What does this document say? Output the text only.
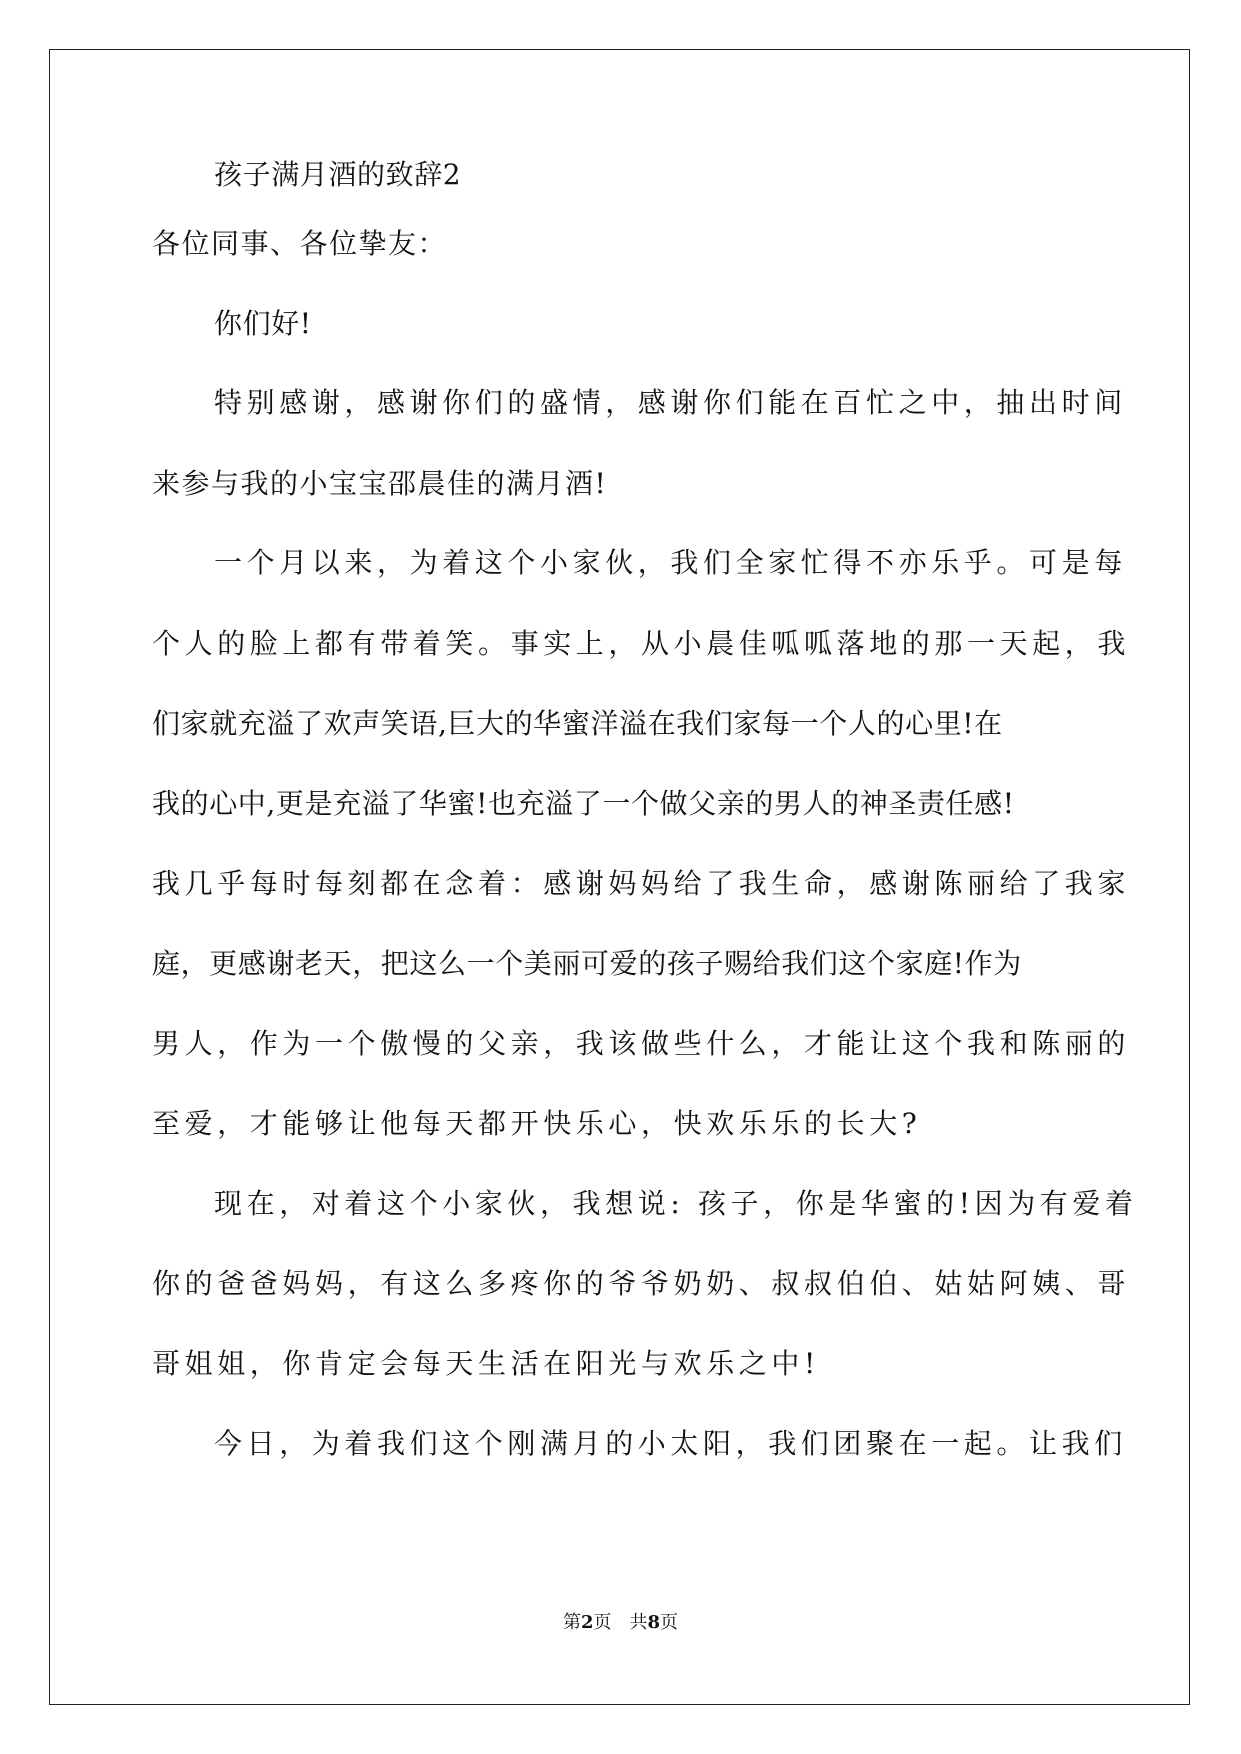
孩子满月酒的致辞2
各位同事、各位挚友：
你们好!
特别感谢，感谢你们的盛情，感谢你们能在百忙之中，抽出时间
来参与我的小宝宝邵晨佳的满月酒!
一个月以来，为着这个小家伙，我们全家忙得不亦乐乎。可是每
个人的脸上都有带着笑。事实上，从小晨佳呱呱落地的那一天起，我
们家就充溢了欢声笑语,巨大的华蜜洋溢在我们家每一个人的心里!在
我的心中,更是充溢了华蜜!也充溢了一个做父亲的男人的神圣责任感!
我几乎每时每刻都在念着：感谢妈妈给了我生命，感谢陈丽给了我家
庭，更感谢老天，把这么一个美丽可爱的孩子赐给我们这个家庭!作为
男人，作为一个傲慢的父亲，我该做些什么，才能让这个我和陈丽的
至爱，才能够让他每天都开快乐心，快欢乐乐的长大?
现在，对着这个小家伙，我想说: 孩子，你是华蜜的!因为有爱着
你的爸爸妈妈，有这么多疼你的爷爷奶奶、叔叔伯伯、姑姑阿姨、哥
哥姐姐，你肯定会每天生活在阳光与欢乐之中!
今日，为着我们这个刚满月的小太阳，我们团聚在一起。让我们
第2页　共8页
